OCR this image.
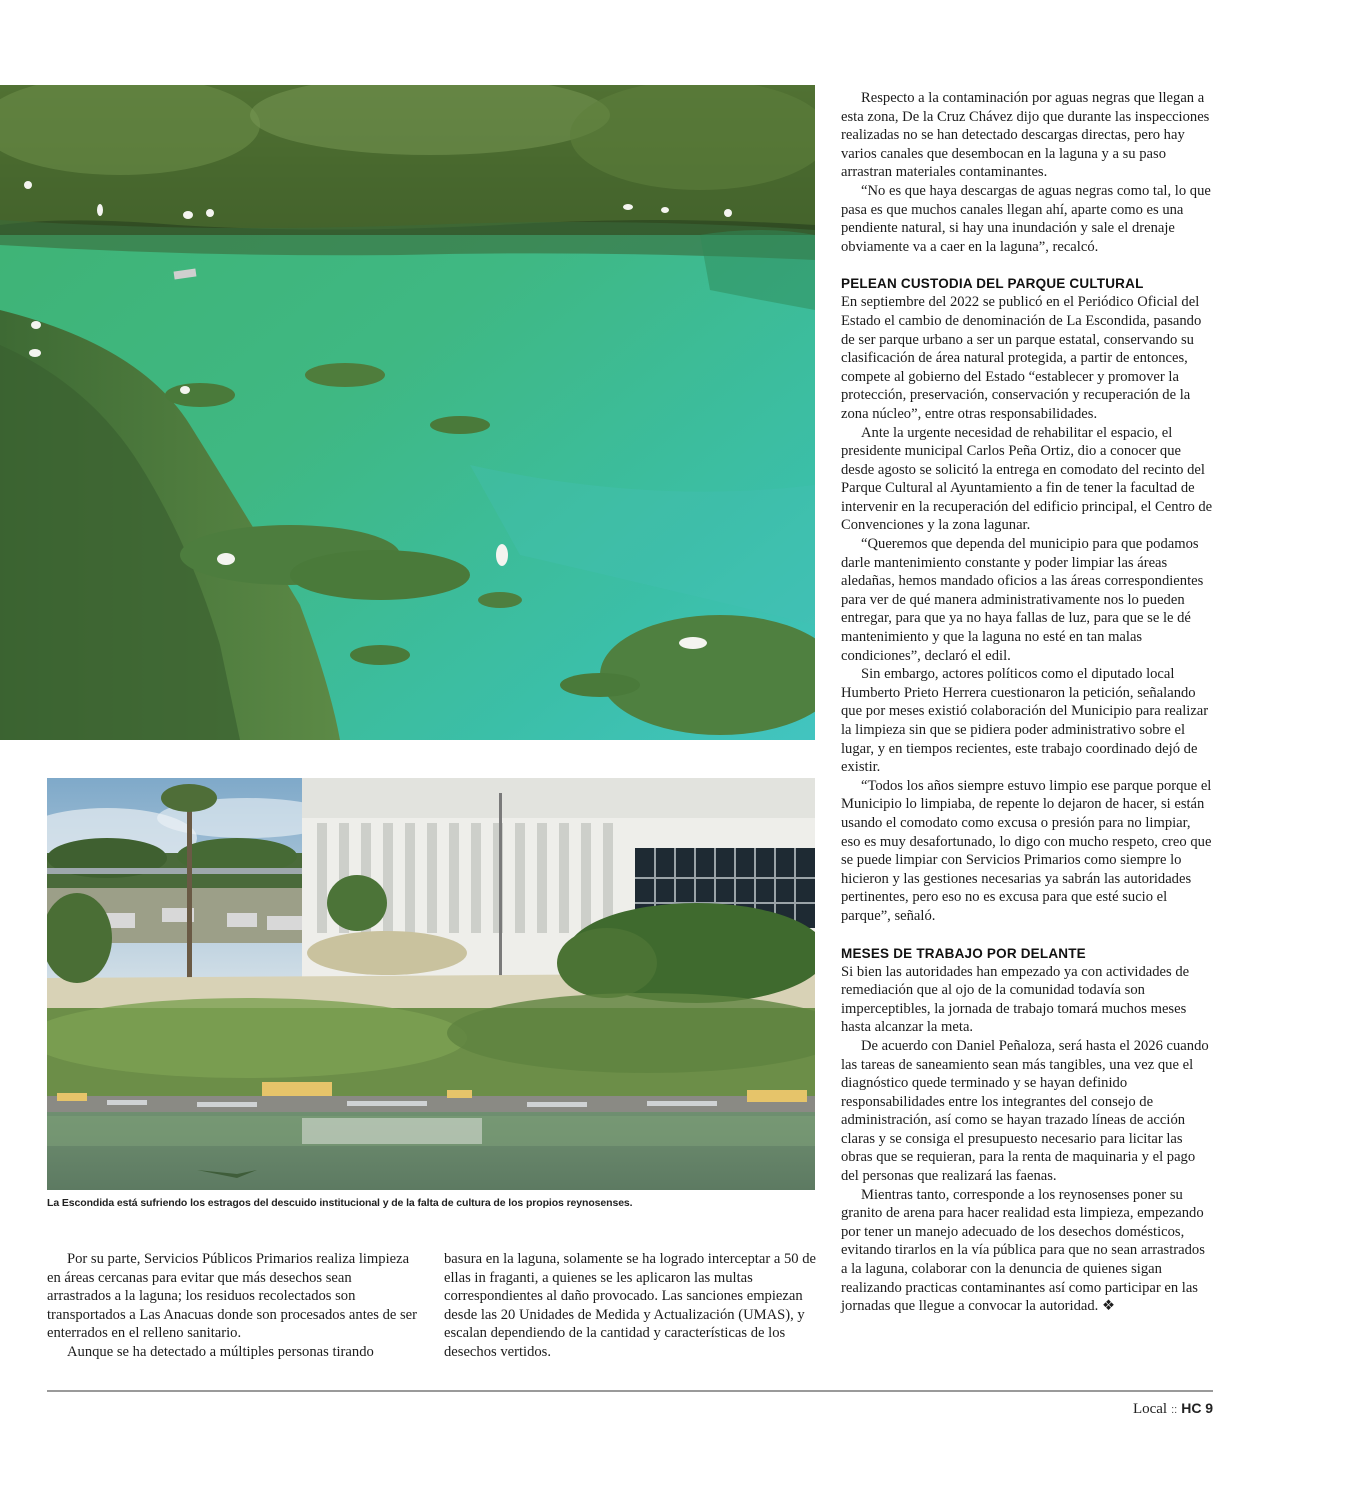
La Escondida está sufriendo los estragos del descuido institucional y de la falta de cultura de los propios reynosenses.

Por su parte, Servicios Públicos Primarios realiza limpieza en áreas cercanas para evitar que más desechos sean arrastrados a la laguna; los residuos recolectados son transportados a Las Anacuas donde son procesados antes de ser enterrados en el relleno sanitario.

Aunque se ha detectado a múltiples personas tirando

basura en la laguna, solamente se ha logrado interceptar a 50 de ellas in fraganti, a quienes se les aplicaron las multas correspondientes al daño provocado. Las sanciones empiezan desde las 20 Unidades de Medida y Actualización (UMAS), y escalan dependiendo de la cantidad y características de los desechos vertidos.

Respecto a la contaminación por aguas negras que llegan a esta zona, De la Cruz Chávez dijo que durante las inspecciones realizadas no se han detectado descargas directas, pero hay varios canales que desembocan en la laguna y a su paso arrastran materiales contaminantes.

“No es que haya descargas de aguas negras como tal, lo que pasa es que muchos canales llegan ahí, aparte como es una pendiente natural, si hay una inundación y sale el drenaje obviamente va a caer en la laguna”, recalcó.

PELEAN CUSTODIA DEL PARQUE CULTURAL

En septiembre del 2022 se publicó en el Periódico Oficial del Estado el cambio de denominación de La Escondida, pasando de ser parque urbano a ser un parque estatal, conservando su clasificación de área natural protegida, a partir de entonces, compete al gobierno del Estado “establecer y promover la protección, preservación, conservación y recuperación de la zona núcleo”, entre otras responsabilidades.

Ante la urgente necesidad de rehabilitar el espacio, el presidente municipal Carlos Peña Ortiz, dio a conocer que desde agosto se solicitó la entrega en comodato del recinto del Parque Cultural al Ayuntamiento a fin de tener la facultad de intervenir en la recuperación del edificio principal, el Centro de Convenciones y la zona lagunar.

“Queremos que dependa del municipio para que podamos darle mantenimiento constante y poder limpiar las áreas aledañas, hemos mandado oficios a las áreas correspondientes para ver de qué manera administrativamente nos lo pueden entregar, para que ya no haya fallas de luz, para que se le dé mantenimiento y que la laguna no esté en tan malas condiciones”, declaró el edil.

Sin embargo, actores políticos como el diputado local Humberto Prieto Herrera cuestionaron la petición, señalando que por meses existió colaboración del Municipio para realizar la limpieza sin que se pidiera poder administrativo sobre el lugar, y en tiempos recientes, este trabajo coordinado dejó de existir.

“Todos los años siempre estuvo limpio ese parque porque el Municipio lo limpiaba, de repente lo dejaron de hacer, si están usando el comodato como excusa o presión para no limpiar, eso es muy desafortunado, lo digo con mucho respeto, creo que se puede limpiar con Servicios Primarios como siempre lo hicieron y las gestiones necesarias ya sabrán las autoridades pertinentes, pero eso no es excusa para que esté sucio el parque”, señaló.

MESES DE TRABAJO POR DELANTE

Si bien las autoridades han empezado ya con actividades de remediación que al ojo de la comunidad todavía son imperceptibles, la jornada de trabajo tomará muchos meses hasta alcanzar la meta.

De acuerdo con Daniel Peñaloza, será hasta el 2026 cuando las tareas de saneamiento sean más tangibles, una vez que el diagnóstico quede terminado y se hayan definido responsabilidades entre los integrantes del consejo de administración, así como se hayan trazado líneas de acción claras y se consiga el presupuesto necesario para licitar las obras que se requieran, para la renta de maquinaria y el pago del personas que realizará las faenas.

Mientras tanto, corresponde a los reynosenses poner su granito de arena para hacer realidad esta limpieza, empezando por tener un manejo adecuado de los desechos domésticos, evitando tirarlos en la vía pública para que no sean arrastrados a la laguna, colaborar con la denuncia de quienes sigan realizando practicas contaminantes así como participar en las jornadas que llegue a convocar la autoridad. ❖

Local :: HC 9
